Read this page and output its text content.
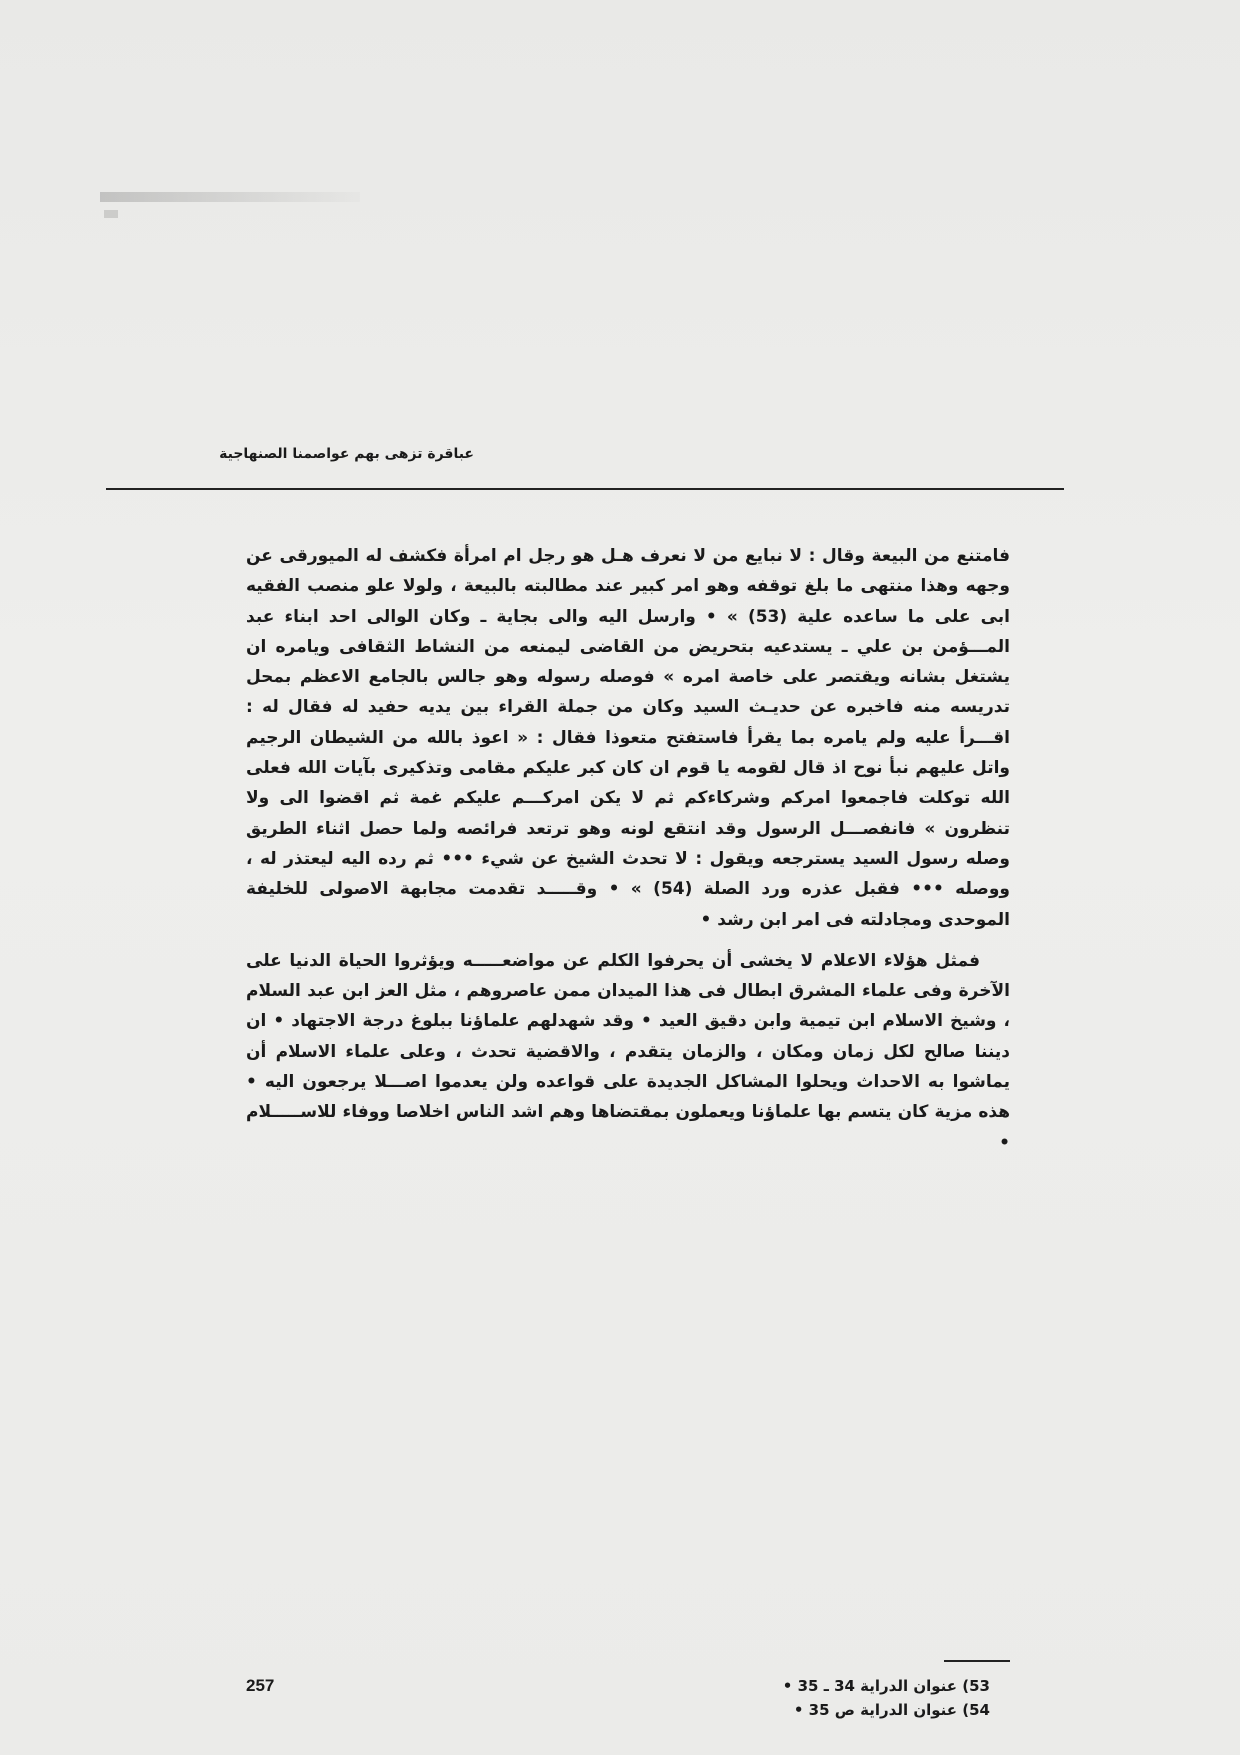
عباقرة تزهى بهم عواصمنا الصنهاجية

فامتنع من البيعة وقال : لا نبايع من لا نعرف هـل هو رجل ام امرأة فكشف له الميورقى عن وجهه وهذا منتهى ما بلغ توقفه وهو امر كبير عند مطالبته بالبيعة ، ولولا علو منصب الفقيه ابى على ما ساعده علية (53) » • وارسل اليه والى بجاية ـ وكان الوالى احد ابناء عبد المـــؤمن بن علي ـ يستدعيه بتحريض من القاضى ليمنعه من النشاط الثقافى ويامره ان يشتغل بشانه ويقتصر على خاصة امره » فوصله رسوله وهو جالس بالجامع الاعظم بمحل تدريسه منه فاخبره عن حديـث السيد وكان من جملة القراء بين يديه حفيد له فقال له : اقـــرأ عليه ولم يامره بما يقرأ فاستفتح متعوذا فقال : « اعوذ بالله من الشيطان الرجيم واتل عليهم نبأ نوح اذ قال لقومه يا قوم ان كان كبر عليكم مقامى وتذكيرى بآيات الله فعلى الله توكلت فاجمعوا امركم وشركاءكم ثم لا يكن امركـــم عليكم غمة ثم اقضوا الى ولا تنظرون » فانفصـــل الرسول وقد انتقع لونه وهو ترتعد فرائصه ولما حصل اثناء الطريق وصله رسول السيد يسترجعه ويقول : لا تحدث الشيخ عن شيء ••• ثم رده اليه ليعتذر له ، ووصله ••• فقبل عذره ورد الصلة (54) » • وقـــــد تقدمت مجابهة الاصولى للخليفة الموحدى ومجادلته فى امر ابن رشد •

فمثل هؤلاء الاعلام لا يخشى أن يحرفوا الكلم عن مواضعـــــه ويؤثروا الحياة الدنيا على الآخرة وفى علماء المشرق ابطال فى هذا الميدان ممن عاصروهم ، مثل العز ابن عبد السلام ، وشيخ الاسلام ابن تيمية وابن دقيق العيد • وقد شهدلهم علماؤنا ببلوغ درجة الاجتهاد • ان ديننا صالح لكل زمان ومكان ، والزمان يتقدم ، والاقضية تحدث ، وعلى علماء الاسلام أن يماشوا به الاحداث ويحلوا المشاكل الجديدة على قواعده ولن يعدموا اصـــلا يرجعون اليه • هذه مزية كان يتسم بها علماؤنا ويعملون بمقتضاها وهم اشد الناس اخلاصا ووفاء للاســـــلام •

53) عنوان الدراية 34 ـ 35 •
54) عنوان الدراية ص 35 •
257
